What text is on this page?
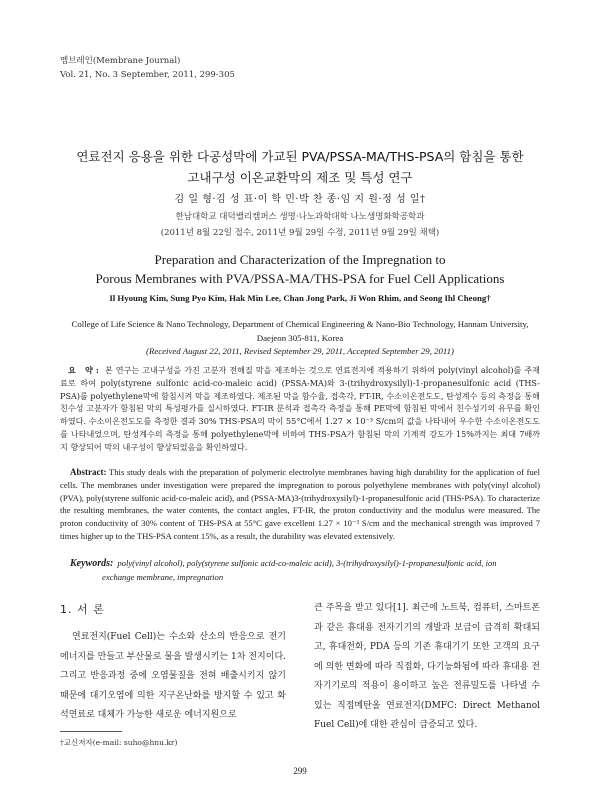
멤브레인(Membrane Journal)
Vol. 21, No. 3 September, 2011, 299-305
연료전지 응용을 위한 다공성막에 가교된 PVA/PSSA-MA/THS-PSA의 함침을 통한
고내구성 이온교환막의 제조 및 특성 연구
김 일 형·김 성 표·이 학 민·박 찬 종·임 지 원·정 성 일†
한남대학교 대덕밸리캠퍼스 생명·나노과학대학 나노생명화학공학과
(2011년 8월 22일 접수, 2011년 9월 29일 수정, 2011년 9월 29일 채택)
Preparation and Characterization of the Impregnation to
Porous Membranes with PVA/PSSA-MA/THS-PSA for Fuel Cell Applications
Il Hyoung Kim, Sung Pyo Kim, Hak Min Lee, Chan Jong Park, Ji Won Rhim, and Seong Ihl Cheong†
College of Life Science & Nano Technology, Department of Chemical Engineering & Nano-Bio Technology, Hannam University, Daejeon 305-811, Korea
(Received August 22, 2011, Revised September 29, 2011, Accepted September 29, 2011)
요 약: 본 연구는 고내구성을 가진 고분자 전해질 막을 제조하는 것으로 연료전지에 적용하기 위하여 poly(vinyl alcohol)를 주재료로 하여 poly(styrene sulfonic acid-co-maleic acid) (PSSA-MA)와 3-(trihydroxysilyl)-1-propanesulfonic acid (THS-PSA)를 polyethylene막에 함침시켜 막을 제조하였다. 제조된 막을 함수율, 접촉각, FT-IR, 수소이온전도도, 탄성계수 등의 측정을 통해 친수성 고분자가 함침된 막의 특성평가를 실시하였다. FT-IR 분석과 접촉각 측정을 통해 PE막에 함침된 막에서 친수성기의 유무를 확인하였다. 수소이온전도도를 측정한 결과 30% THS-PSA의 막이 55°C에서 1.27 × 10⁻³ S/cm의 값을 나타내어 우수한 수소이온전도도를 나타내었으며, 탄성계수의 측정을 통해 polyethylene막에 비하여 THS-PSA가 함침된 막의 기계적 강도가 15%까지는 최대 7배까지 향상되어 막의 내구성이 향상되었음을 확인하였다.
Abstract: This study deals with the preparation of polymeric electrolyte membranes having high durability for the application of fuel cells. The membranes under investigation were prepared the impregnation to porous polyethylene membranes with poly(vinyl alcohol)(PVA), poly(styrene sulfonic acid-co-maleic acid), and (PSSA-MA)3-(trihydroxysilyl)-1-propanesulfonic acid (THS-PSA). To characterize the resulting membranes, the water contents, the contact angles, FT-IR, the proton conductivity and the modulus were measured. The proton conductivity of 30% content of THS-PSA at 55°C gave excellent 1.27 × 10⁻³ S/cm and the mechanical strength was improved 7 times higher up to the THS-PSA content 15%, as a result, the durability was elevated extensively.
Keywords: poly(vinyl alcohol), poly(styrene sulfonic acid-co-maleic acid), 3-(trihydroxysilyl)-1-propanesulfonic acid, ion
exchange membrane, impregnation
1. 서 론
연료전지(Fuel Cell)는 수소와 산소의 반응으로 전기에너지를 만들고 부산물로 물을 발생시키는 1차 전지이다. 그리고 반응과정 중에 오염물질을 전혀 배출시키지 않기 때문에 대기오염에 의한 지구온난화를 방지할 수 있고 화석연료로 대체가 가능한 새로운 에너지원으로
큰 주목을 받고 있다[1]. 최근에 노트북, 컴퓨터, 스마트폰과 같은 휴대용 전자기기의 개발과 보급이 급격히 확대되고, 휴대전화, PDA 등의 기존 휴대기기 또한 고객의 요구에 의한 변화에 따라 직접화, 다기능화됨에 따라 휴대용 전자기기로의 적용이 용이하고 높은 전류밀도를 나타낼 수 있는 직접메탄올 연료전지(DMFC: Direct Methanol Fuel Cell)에 대한 관심이 급증되고 있다.
†교신저자(e-mail: suho@hnu.kr)
299
